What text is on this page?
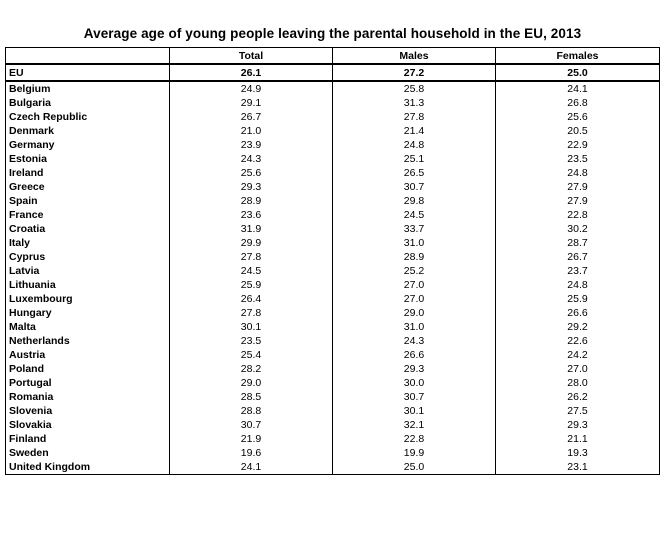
Average age of young people leaving the parental household in the EU, 2013
	Total	Males	Females
EU	26.1	27.2	25.0
Belgium	24.9	25.8	24.1
Bulgaria	29.1	31.3	26.8
Czech Republic	26.7	27.8	25.6
Denmark	21.0	21.4	20.5
Germany	23.9	24.8	22.9
Estonia	24.3	25.1	23.5
Ireland	25.6	26.5	24.8
Greece	29.3	30.7	27.9
Spain	28.9	29.8	27.9
France	23.6	24.5	22.8
Croatia	31.9	33.7	30.2
Italy	29.9	31.0	28.7
Cyprus	27.8	28.9	26.7
Latvia	24.5	25.2	23.7
Lithuania	25.9	27.0	24.8
Luxembourg	26.4	27.0	25.9
Hungary	27.8	29.0	26.6
Malta	30.1	31.0	29.2
Netherlands	23.5	24.3	22.6
Austria	25.4	26.6	24.2
Poland	28.2	29.3	27.0
Portugal	29.0	30.0	28.0
Romania	28.5	30.7	26.2
Slovenia	28.8	30.1	27.5
Slovakia	30.7	32.1	29.3
Finland	21.9	22.8	21.1
Sweden	19.6	19.9	19.3
United Kingdom	24.1	25.0	23.1
